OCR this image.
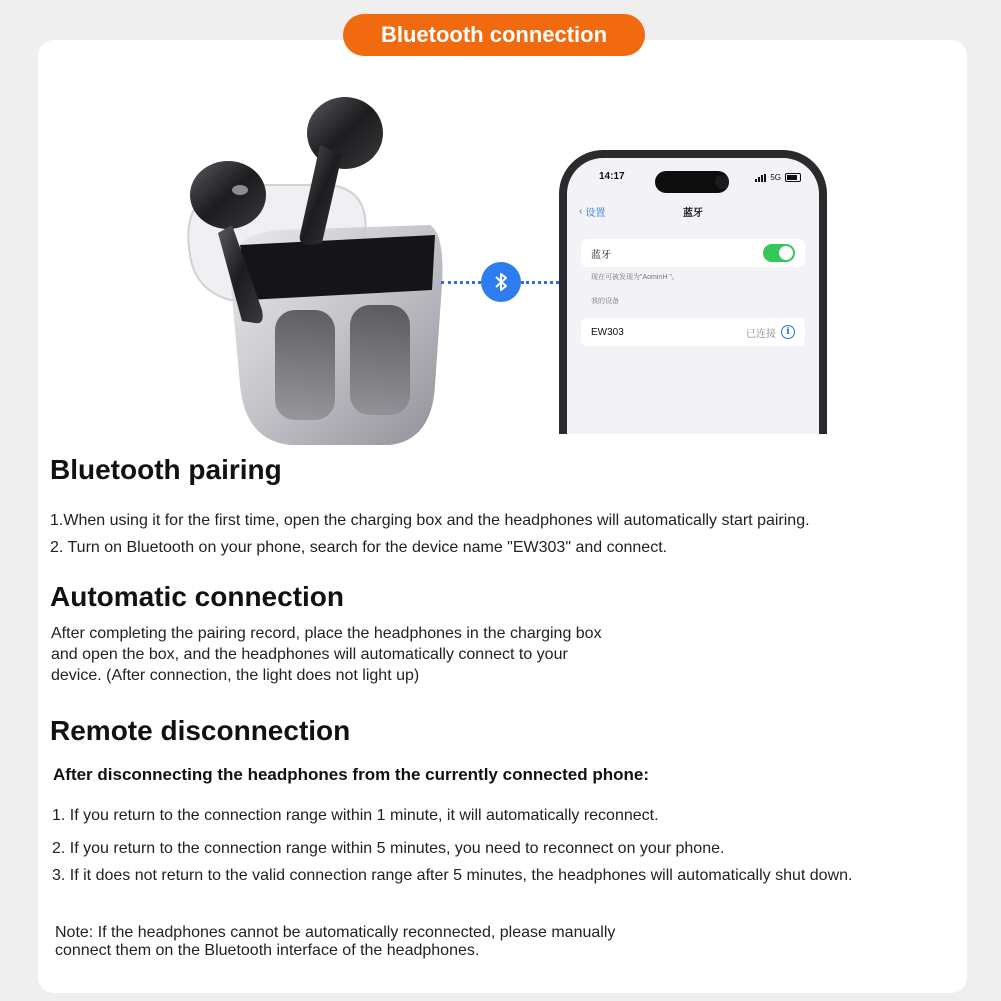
Bluetooth connection
14:17	5G
‹ 设置	蓝牙
蓝牙
现在可被发现为"AominH "。
我的设备
EW303	已连接	i
Bluetooth pairing
1.When using it for the first time, open the charging box and the headphones will automatically start pairing.
2. Turn on Bluetooth on your phone, search for the device name "EW303" and connect.
Automatic connection
After completing the pairing record, place the headphones in the charging box
and open the box, and the headphones will automatically connect to your
device. (After connection, the light does not light up)
Remote disconnection
After disconnecting the headphones from the currently connected phone:
1. If you return to the connection range within 1 minute, it will automatically reconnect.
2. If you return to the connection range within 5 minutes, you need to reconnect on your phone.
3. If it does not return to the valid connection range after 5 minutes, the headphones will automatically shut down.
Note: If the headphones cannot be automatically reconnected, please manually
connect them on the Bluetooth interface of the headphones.
